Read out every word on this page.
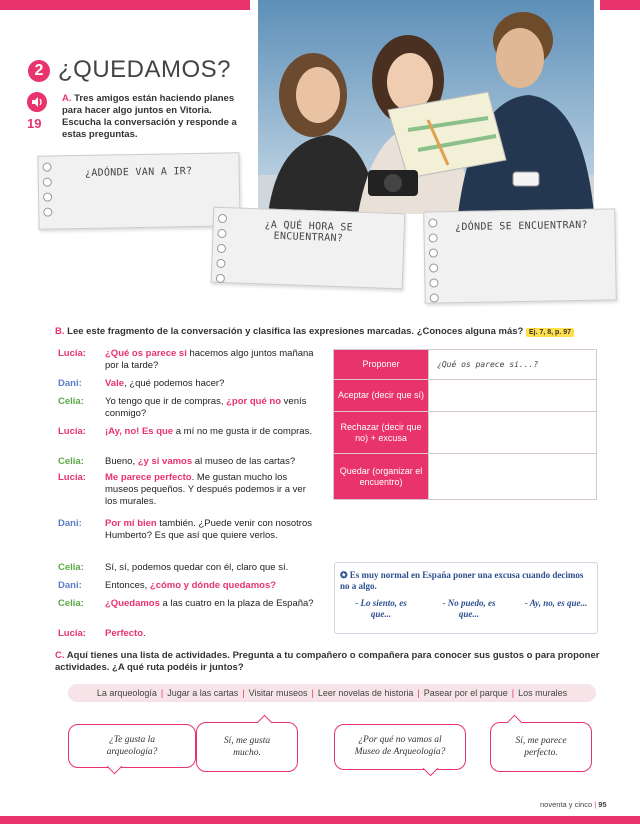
2 ¿QUEDAMOS?
19
A. Tres amigos están haciendo planes para hacer algo juntos en Vitoria. Escucha la conversación y responde a estas preguntas.
¿ADÓNDE VAN A IR?
¿A QUÉ HORA SE ENCUENTRAN?
¿DÓNDE SE ENCUENTRAN?
B. Lee este fragmento de la conversación y clasifica las expresiones marcadas. ¿Conoces alguna más? Ej. 7, 8, p. 97
Lucía:	¿Qué os parece si hacemos algo juntos mañana por la tarde?
Dani:	Vale, ¿qué podemos hacer?
Celia:	Yo tengo que ir de compras, ¿por qué no venís conmigo?
Lucía:	¡Ay, no! Es que a mí no me gusta ir de compras.
Celia:	Bueno, ¿y si vamos al museo de las cartas?
Lucía:	Me parece perfecto. Me gustan mucho los museos pequeños. Y después podemos ir a ver los murales.
Dani:	Por mí bien también. ¿Puede venir con nosotros Humberto? Es que así que quiere verlos.
Celia:	Sí, sí, podemos quedar con él, claro que sí.
Dani:	Entonces, ¿cómo y dónde quedamos?
Celia:	¿Quedamos a las cuatro en la plaza de España?
Lucía:	Perfecto.
Proponer	¿Qué os parece si...?
Aceptar (decir que sí)	
Rechazar (decir que no) + excusa	
Quedar (organizar el encuentro)	
✪ Es muy normal en España poner una excusa cuando decimos no a algo.
- Lo siento, es que...
- No puedo, es que...
- Ay, no, es que...
C. Aquí tienes una lista de actividades. Pregunta a tu compañero o compañera para conocer sus gustos o para proponer actividades. ¿A qué ruta podéis ir juntos?
La arqueología | Jugar a las cartas | Visitar museos | Leer novelas de historia | Pasear por el parque | Los murales
¿Te gusta la arqueología?
Sí, me gusta mucho.
¿Por qué no vamos al Museo de Arqueología?
Sí, me parece perfecto.
noventa y cinco | 95
